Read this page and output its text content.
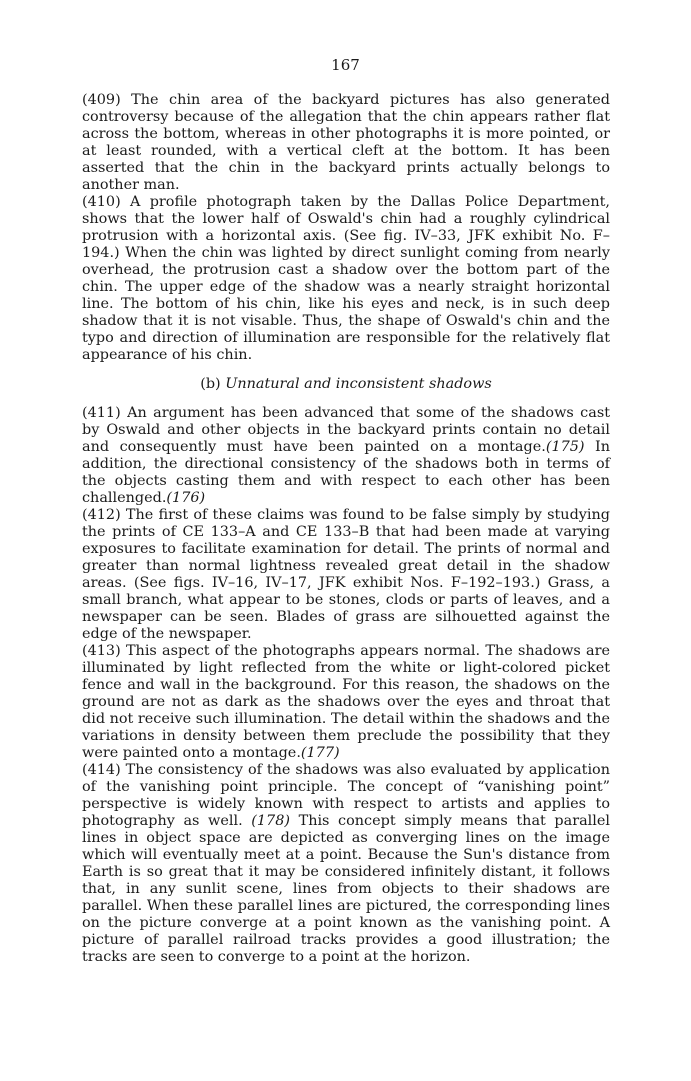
167

(409) The chin area of the backyard pictures has also generated controversy because of the allegation that the chin appears rather flat across the bottom, whereas in other photographs it is more pointed, or at least rounded, with a vertical cleft at the bottom. It has been asserted that the chin in the backyard prints actually belongs to another man.

(410) A profile photograph taken by the Dallas Police Department, shows that the lower half of Oswald's chin had a roughly cylindrical protrusion with a horizontal axis. (See fig. IV–33, JFK exhibit No. F–194.) When the chin was lighted by direct sunlight coming from nearly overhead, the protrusion cast a shadow over the bottom part of the chin. The upper edge of the shadow was a nearly straight horizontal line. The bottom of his chin, like his eyes and neck, is in such deep shadow that it is not visable. Thus, the shape of Oswald's chin and the typo and direction of illumination are responsible for the relatively flat appearance of his chin.

(b) Unnatural and inconsistent shadows

(411) An argument has been advanced that some of the shadows cast by Oswald and other objects in the backyard prints contain no detail and consequently must have been painted on a montage.(175) In addition, the directional consistency of the shadows both in terms of the objects casting them and with respect to each other has been challenged.(176)

(412) The first of these claims was found to be false simply by studying the prints of CE 133–A and CE 133–B that had been made at varying exposures to facilitate examination for detail. The prints of normal and greater than normal lightness revealed great detail in the shadow areas. (See figs. IV–16, IV–17, JFK exhibit Nos. F–192–193.) Grass, a small branch, what appear to be stones, clods or parts of leaves, and a newspaper can be seen. Blades of grass are silhouetted against the edge of the newspaper.

(413) This aspect of the photographs appears normal. The shadows are illuminated by light reflected from the white or light-colored picket fence and wall in the background. For this reason, the shadows on the ground are not as dark as the shadows over the eyes and throat that did not receive such illumination. The detail within the shadows and the variations in density between them preclude the possibility that they were painted onto a montage.(177)

(414) The consistency of the shadows was also evaluated by application of the vanishing point principle. The concept of “vanishing point” perspective is widely known with respect to artists and applies to photography as well. (178) This concept simply means that parallel lines in object space are depicted as converging lines on the image which will eventually meet at a point. Because the Sun's distance from Earth is so great that it may be considered infinitely distant, it follows that, in any sunlit scene, lines from objects to their shadows are parallel. When these parallel lines are pictured, the corresponding lines on the picture converge at a point known as the vanishing point. A picture of parallel railroad tracks provides a good illustration; the tracks are seen to converge to a point at the horizon.
